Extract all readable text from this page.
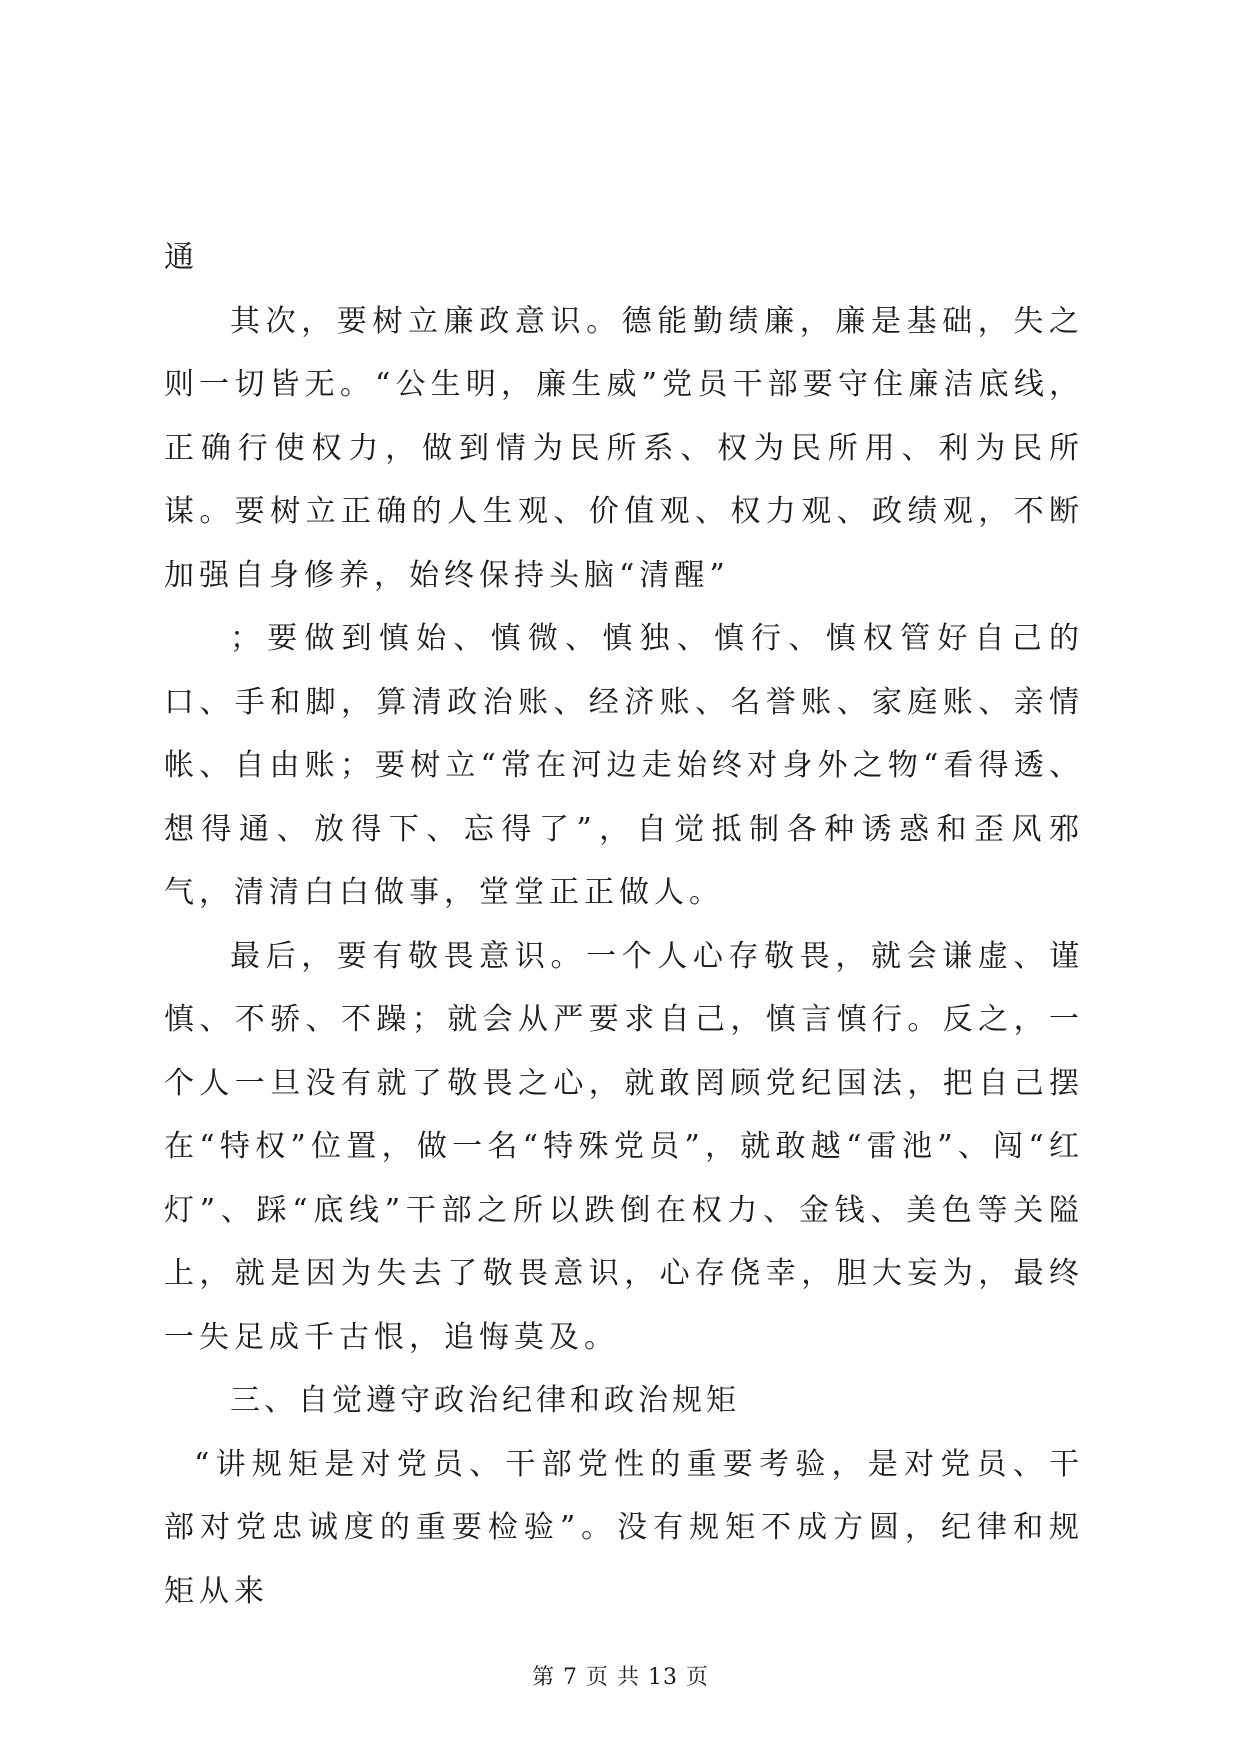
通

其次，要树立廉政意识。德能勤绩廉，廉是基础，失之则一切皆无。“公生明，廉生威”党员干部要守住廉洁底线，正确行使权力，做到情为民所系、权为民所用、利为民所谋。要树立正确的人生观、价值观、权力观、政绩观，不断加强自身修养，始终保持头脑“清醒”

；要做到慎始、慎微、慎独、慎行、慎权管好自己的口、手和脚，算清政治账、经济账、名誉账、家庭账、亲情帐、自由账；要树立“常在河边走始终对身外之物“看得透、想得通、放得下、忘得了”，自觉抵制各种诱惑和歪风邪气，清清白白做事，堂堂正正做人。

最后，要有敬畏意识。一个人心存敬畏，就会谦虚、谨慎、不骄、不躁；就会从严要求自己，慎言慎行。反之，一个人一旦没有就了敬畏之心，就敢罔顾党纪国法，把自己摆在“特权”位置，做一名“特殊党员”，就敢越“雷池”、闯“红灯”、踩“底线”干部之所以跌倒在权力、金钱、美色等关隘上，就是因为失去了敬畏意识，心存侥幸，胆大妄为，最终一失足成千古恨，追悔莫及。

三、自觉遵守政治纪律和政治规矩

“讲规矩是对党员、干部党性的重要考验，是对党员、干部对党忠诚度的重要检验”。没有规矩不成方圆，纪律和规矩从来

第 7 页 共 13 页
